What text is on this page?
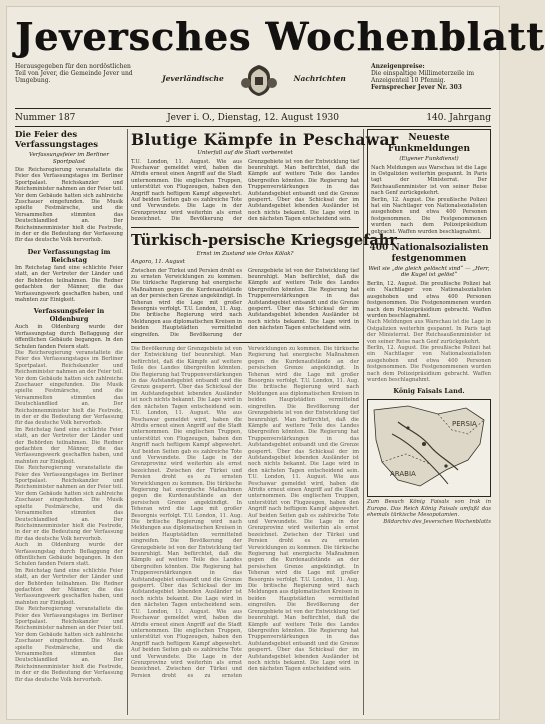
Jeversches Wochenblatt
Herausgegeben für den nordöstlichen Teil von Jever, die Gemeinde Jever und Umgebung.	Jeverländische	Nachrichten
Anzeigenpreise:
Die einspaltige Millimeterzeile im Anzeigenteil 10 Pfennig.
Fernsprecher Jever Nr. 303
Nummer 187	Jever i. O., Dienstag, 12. August 1930	140. Jahrgang
Die Feier des Verfassungstages
Verfassungsfeier im Berliner Sportpalast
Die Reichsregierung veranstaltete die Feier des Verfassungstages im Berliner Sportpalast. Reichskanzler und Reichsminister nahmen an der Feier teil. Vor dem Gebäude hatten sich zahlreiche Zuschauer eingefunden. Die Musik spielte Festmärsche, und die Versammelten stimmten das Deutschlandlied an. Der Reichsinnenminister hielt die Festrede, in der er die Bedeutung der Verfassung für das deutsche Volk hervorhob.
Der Verfassungstag im Reichstag
Im Reichstag fand eine schlichte Feier statt, an der Vertreter der Länder und der Behörden teilnahmen. Die Redner gedachten der Männer, die das Verfassungswerk geschaffen haben, und mahnten zur Einigkeit.
Verfassungsfeier in Oldenburg
Auch in Oldenburg wurde der Verfassungstag durch Beflaggung der öffentlichen Gebäude begangen. In den Schulen fanden Feiern statt.
Die Reichsregierung veranstaltete die Feier des Verfassungstages im Berliner Sportpalast. Reichskanzler und Reichsminister nahmen an der Feier teil. Vor dem Gebäude hatten sich zahlreiche Zuschauer eingefunden. Die Musik spielte Festmärsche, und die Versammelten stimmten das Deutschlandlied an. Der Reichsinnenminister hielt die Festrede, in der er die Bedeutung der Verfassung für das deutsche Volk hervorhob.
Im Reichstag fand eine schlichte Feier statt, an der Vertreter der Länder und der Behörden teilnahmen. Die Redner gedachten der Männer, die das Verfassungswerk geschaffen haben, und mahnten zur Einigkeit.
Die Reichsregierung veranstaltete die Feier des Verfassungstages im Berliner Sportpalast. Reichskanzler und Reichsminister nahmen an der Feier teil. Vor dem Gebäude hatten sich zahlreiche Zuschauer eingefunden. Die Musik spielte Festmärsche, und die Versammelten stimmten das Deutschlandlied an. Der Reichsinnenminister hielt die Festrede, in der er die Bedeutung der Verfassung für das deutsche Volk hervorhob.
Auch in Oldenburg wurde der Verfassungstag durch Beflaggung der öffentlichen Gebäude begangen. In den Schulen fanden Feiern statt.
Im Reichstag fand eine schlichte Feier statt, an der Vertreter der Länder und der Behörden teilnahmen. Die Redner gedachten der Männer, die das Verfassungswerk geschaffen haben, und mahnten zur Einigkeit.
Die Reichsregierung veranstaltete die Feier des Verfassungstages im Berliner Sportpalast. Reichskanzler und Reichsminister nahmen an der Feier teil. Vor dem Gebäude hatten sich zahlreiche Zuschauer eingefunden. Die Musik spielte Festmärsche, und die Versammelten stimmten das Deutschlandlied an. Der Reichsinnenminister hielt die Festrede, in der er die Bedeutung der Verfassung für das deutsche Volk hervorhob.
Blutige Kämpfe in Peschawar
Unterfall auf die Stadt vorbereitet
T.U. London, 11. August. Wie aus Peschawar gemeldet wird, haben die Afridis erneut einen Angriff auf die Stadt unternommen. Die englischen Truppen, unterstützt von Flugzeugen, haben den Angriff nach heftigem Kampf abgewehrt. Auf beiden Seiten gab es zahlreiche Tote und Verwundete. Die Lage in der Grenzprovinz wird weiterhin als ernst bezeichnet. Die Bevölkerung der Grenzgebiete ist von der Entwicklung tief beunruhigt. Man befürchtet, daß die Kämpfe auf weitere Teile des Landes übergreifen könnten. Die Regierung hat Truppenverstärkungen in das Aufstandsgebiet entsandt und die Grenze gesperrt. Über das Schicksal der im Aufstandsgebiet lebenden Ausländer ist noch nichts bekannt. Die Lage wird in den nächsten Tagen entscheidend sein.
Türkisch-persische Kriegsgefahr
Ernst im Zustand wie Orlos Kölak?
Angora, 11. August
Zwischen der Türkei und Persien droht es zu ernsten Verwicklungen zu kommen. Die türkische Regierung hat energische Maßnahmen gegen die Kurdenaufstände an der persischen Grenze angekündigt. In Teheran wird die Lage mit großer Besorgnis verfolgt. T.U. London, 11. Aug. Die britische Regierung wird nach Meldungen aus diplomatischen Kreisen in beiden Hauptstädten vermittelnd eingreifen. Die Bevölkerung der Grenzgebiete ist von der Entwicklung tief beunruhigt. Man befürchtet, daß die Kämpfe auf weitere Teile des Landes übergreifen könnten. Die Regierung hat Truppenverstärkungen in das Aufstandsgebiet entsandt und die Grenze gesperrt. Über das Schicksal der im Aufstandsgebiet lebenden Ausländer ist noch nichts bekannt. Die Lage wird in den nächsten Tagen entscheidend sein.
Die Bevölkerung der Grenzgebiete ist von der Entwicklung tief beunruhigt. Man befürchtet, daß die Kämpfe auf weitere Teile des Landes übergreifen könnten. Die Regierung hat Truppenverstärkungen in das Aufstandsgebiet entsandt und die Grenze gesperrt. Über das Schicksal der im Aufstandsgebiet lebenden Ausländer ist noch nichts bekannt. Die Lage wird in den nächsten Tagen entscheidend sein. T.U. London, 11. August. Wie aus Peschawar gemeldet wird, haben die Afridis erneut einen Angriff auf die Stadt unternommen. Die englischen Truppen, unterstützt von Flugzeugen, haben den Angriff nach heftigem Kampf abgewehrt. Auf beiden Seiten gab es zahlreiche Tote und Verwundete. Die Lage in der Grenzprovinz wird weiterhin als ernst bezeichnet. Zwischen der Türkei und Persien droht es zu ernsten Verwicklungen zu kommen. Die türkische Regierung hat energische Maßnahmen gegen die Kurdenaufstände an der persischen Grenze angekündigt. In Teheran wird die Lage mit großer Besorgnis verfolgt. T.U. London, 11. Aug. Die britische Regierung wird nach Meldungen aus diplomatischen Kreisen in beiden Hauptstädten vermittelnd eingreifen. Die Bevölkerung der Grenzgebiete ist von der Entwicklung tief beunruhigt. Man befürchtet, daß die Kämpfe auf weitere Teile des Landes übergreifen könnten. Die Regierung hat Truppenverstärkungen in das Aufstandsgebiet entsandt und die Grenze gesperrt. Über das Schicksal der im Aufstandsgebiet lebenden Ausländer ist noch nichts bekannt. Die Lage wird in den nächsten Tagen entscheidend sein. T.U. London, 11. August. Wie aus Peschawar gemeldet wird, haben die Afridis erneut einen Angriff auf die Stadt unternommen. Die englischen Truppen, unterstützt von Flugzeugen, haben den Angriff nach heftigem Kampf abgewehrt. Auf beiden Seiten gab es zahlreiche Tote und Verwundete. Die Lage in der Grenzprovinz wird weiterhin als ernst bezeichnet. Zwischen der Türkei und Persien droht es zu ernsten Verwicklungen zu kommen. Die türkische Regierung hat energische Maßnahmen gegen die Kurdenaufstände an der persischen Grenze angekündigt. In Teheran wird die Lage mit großer Besorgnis verfolgt. T.U. London, 11. Aug. Die britische Regierung wird nach Meldungen aus diplomatischen Kreisen in beiden Hauptstädten vermittelnd eingreifen. Die Bevölkerung der Grenzgebiete ist von der Entwicklung tief beunruhigt. Man befürchtet, daß die Kämpfe auf weitere Teile des Landes übergreifen könnten. Die Regierung hat Truppenverstärkungen in das Aufstandsgebiet entsandt und die Grenze gesperrt. Über das Schicksal der im Aufstandsgebiet lebenden Ausländer ist noch nichts bekannt. Die Lage wird in den nächsten Tagen entscheidend sein. T.U. London, 11. August. Wie aus Peschawar gemeldet wird, haben die Afridis erneut einen Angriff auf die Stadt unternommen. Die englischen Truppen, unterstützt von Flugzeugen, haben den Angriff nach heftigem Kampf abgewehrt. Auf beiden Seiten gab es zahlreiche Tote und Verwundete. Die Lage in der Grenzprovinz wird weiterhin als ernst bezeichnet. Zwischen der Türkei und Persien droht es zu ernsten Verwicklungen zu kommen. Die türkische Regierung hat energische Maßnahmen gegen die Kurdenaufstände an der persischen Grenze angekündigt. In Teheran wird die Lage mit großer Besorgnis verfolgt. T.U. London, 11. Aug. Die britische Regierung wird nach Meldungen aus diplomatischen Kreisen in beiden Hauptstädten vermittelnd eingreifen. Die Bevölkerung der Grenzgebiete ist von der Entwicklung tief beunruhigt. Man befürchtet, daß die Kämpfe auf weitere Teile des Landes übergreifen könnten. Die Regierung hat Truppenverstärkungen in das Aufstandsgebiet entsandt und die Grenze gesperrt. Über das Schicksal der im Aufstandsgebiet lebenden Ausländer ist noch nichts bekannt. Die Lage wird in den nächsten Tagen entscheidend sein.
Neueste Funkmeldungen
(Eigener Funkdienst)
Nach Meldungen aus Warschau ist die Lage in Ostgalizien weiterhin gespannt. In Paris tagt der Ministerrat. Der Reichsaußenminister ist von seiner Reise nach Genf zurückgekehrt.
Berlin, 12. August. Die preußische Polizei hat ein Nachtlager von Nationalsozialisten ausgehoben und etwa 400 Personen festgenommen. Die Festgenommenen wurden nach dem Polizeipräsidium gebracht. Waffen wurden beschlagnahmt.
400 Nationalsozialisten festgenommen
Weil sie „die gleich gelöscht sind“ — „Herr, die Kugel ist gelöst“
Berlin, 12. August. Die preußische Polizei hat ein Nachtlager von Nationalsozialisten ausgehoben und etwa 400 Personen festgenommen. Die Festgenommenen wurden nach dem Polizeipräsidium gebracht. Waffen wurden beschlagnahmt.
Nach Meldungen aus Warschau ist die Lage in Ostgalizien weiterhin gespannt. In Paris tagt der Ministerrat. Der Reichsaußenminister ist von seiner Reise nach Genf zurückgekehrt.
Berlin, 12. August. Die preußische Polizei hat ein Nachtlager von Nationalsozialisten ausgehoben und etwa 400 Personen festgenommen. Die Festgenommenen wurden nach dem Polizeipräsidium gebracht. Waffen wurden beschlagnahmt.
König Faisals Land.
PERSIA
ARABIA
Zum Besuch König Faisals von Irak in Europa. Das Reich König Faisals umfaßt das ehemals türkische Mesopotamien.
Bildarchiv des Jeverschen Wochenblatts
